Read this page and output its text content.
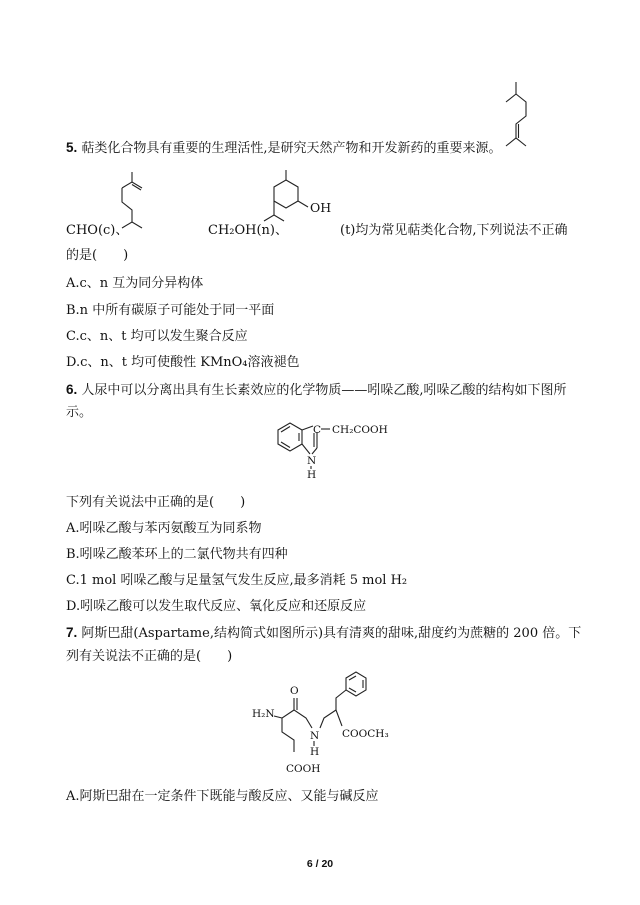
5. 萜类化合物具有重要的生理活性,是研究天然产物和开发新药的重要来源。
CHO(c)、
OH
CH₂OH(n)、	(t)均为常见萜类化合物,下列说法不正确
的是(　　)
A.c、n 互为同分异构体
B.n 中所有碳原子可能处于同一平面
C.c、n、t 均可以发生聚合反应
D.c、n、t 均可使酸性 KMnO₄溶液褪色
6. 人尿中可以分离出具有生长素效应的化学物质——吲哚乙酸,吲哚乙酸的结构如下图所
示。
C CH₂COOH
N
H
下列有关说法中正确的是(　　)
A.吲哚乙酸与苯丙氨酸互为同系物
B.吲哚乙酸苯环上的二氯代物共有四种
C.1 mol 吲哚乙酸与足量氢气发生反应,最多消耗 5 mol H₂
D.吲哚乙酸可以发生取代反应、氧化反应和还原反应
7. 阿斯巴甜(Aspartame,结构简式如图所示)具有清爽的甜味,甜度约为蔗糖的 200 倍。下
列有关说法不正确的是(　　)
O
H₂N
N
H
COOCH₃
COOH
A.阿斯巴甜在一定条件下既能与酸反应、又能与碱反应
6 / 20
